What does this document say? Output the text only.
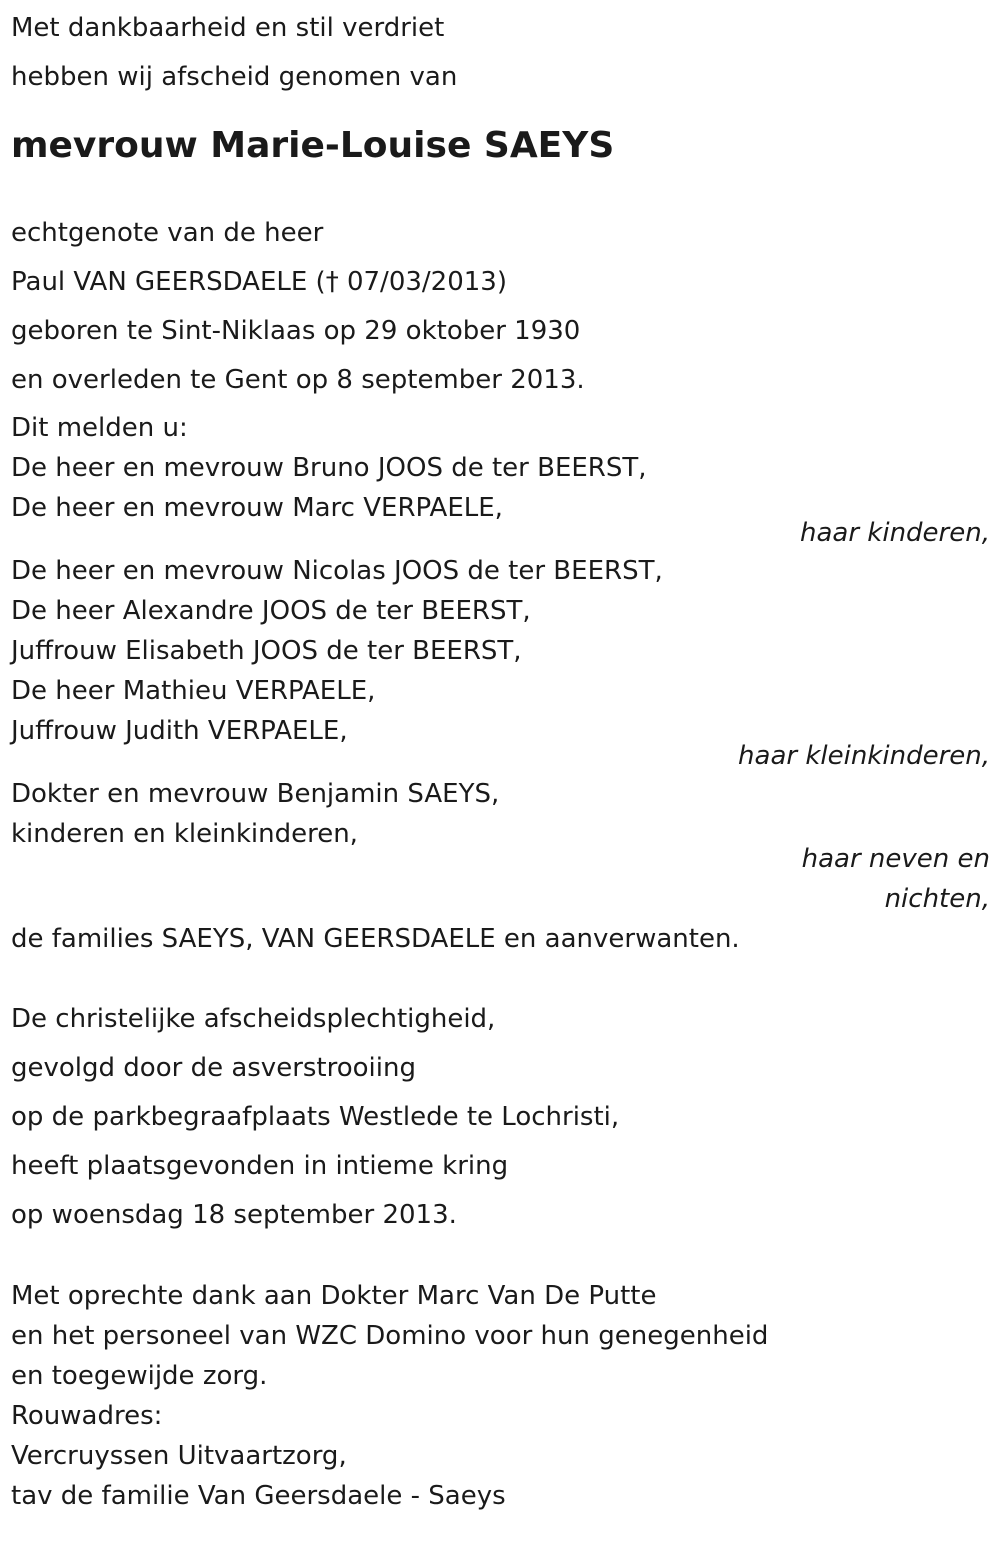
Met dankbaarheid en stil verdriet

hebben wij afscheid genomen van

mevrouw Marie-Louise SAEYS

echtgenote van de heer

Paul VAN GEERSDAELE († 07/03/2013)

geboren te Sint-Niklaas op 29 oktober 1930

en overleden te Gent op 8 september 2013.

Dit melden u:

De heer en mevrouw Bruno JOOS de ter BEERST,

De heer en mevrouw Marc VERPAELE,

haar kinderen,

De heer en mevrouw Nicolas JOOS de ter BEERST,

De heer Alexandre JOOS de ter BEERST,

Juffrouw Elisabeth JOOS de ter BEERST,

De heer Mathieu VERPAELE,

Juffrouw Judith VERPAELE,

haar kleinkinderen,

Dokter en mevrouw Benjamin SAEYS,

kinderen en kleinkinderen,

haar neven en

nichten,

de families SAEYS, VAN GEERSDAELE en aanverwanten.

De christelijke afscheidsplechtigheid,

gevolgd door de asverstrooiing

op de parkbegraafplaats Westlede te Lochristi,

heeft plaatsgevonden in intieme kring

op woensdag 18 september 2013.

Met oprechte dank aan Dokter Marc Van De Putte

en het personeel van WZC Domino voor hun genegenheid

en toegewijde zorg.

Rouwadres:

Vercruyssen Uitvaartzorg,

tav de familie Van Geersdaele - Saeys
